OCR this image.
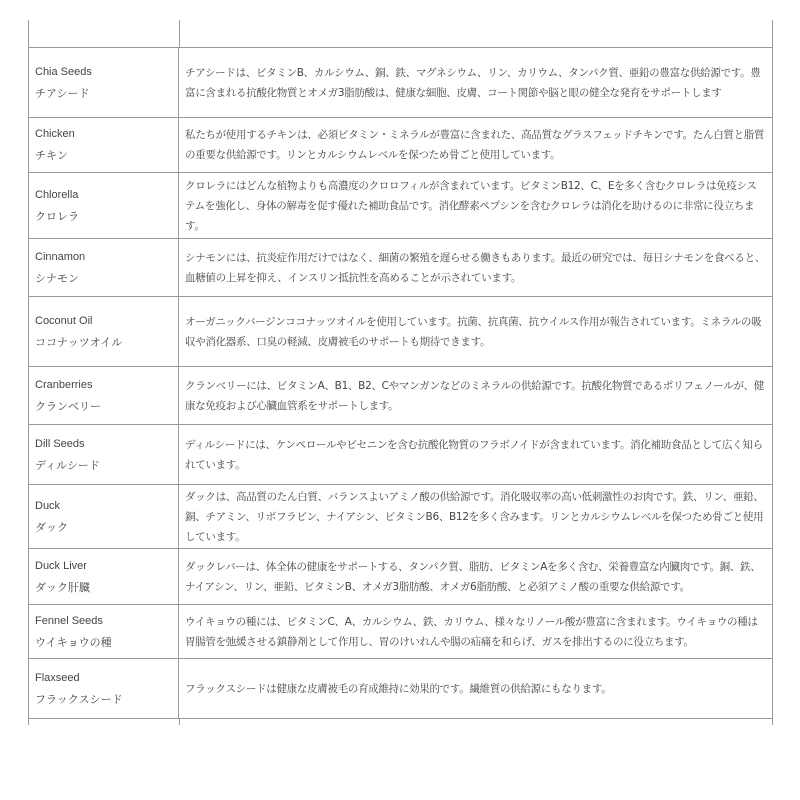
Chia Seeds
チアシード	チアシードは、ビタミンB、カルシウム、銅、鉄、マグネシウム、リン、カリウム、タンパク質、亜鉛の豊富な供給源です。豊富に含まれる抗酸化物質とオメガ3脂肪酸は、健康な細胞、皮膚、コート関節や脳と眼の健全な発育をサポートします

Chicken
チキン	私たちが使用するチキンは、必須ビタミン・ミネラルが豊富に含まれた、高品質なグラスフェッドチキンです。たん白質と脂質の重要な供給源です。リンとカルシウムレベルを保つため骨ごと使用しています。

Chlorella
クロレラ	クロレラにはどんな植物よりも高濃度のクロロフィルが含まれています。ビタミンB12、C、Eを多く含むクロレラは免疫システムを強化し、身体の解毒を促す優れた補助食品です。消化酵素ペプシンを含むクロレラは消化を助けるのに非常に役立ちます。

Cinnamon
シナモン	シナモンには、抗炎症作用だけではなく、細菌の繁殖を遅らせる働きもあります。最近の研究では、毎日シナモンを食べると、血糖値の上昇を抑え、インスリン抵抗性を高めることが示されています。

Coconut Oil
ココナッツオイル	オーガニックバージンココナッツオイルを使用しています。抗菌、抗真菌、抗ウイルス作用が報告されています。ミネラルの吸収や消化器系、口臭の軽減、皮膚被毛のサポートも期待できます。

Cranberries
クランベリー	クランベリーには、ビタミンA、B1、B2、Cやマンガンなどのミネラルの供給源です。抗酸化物質であるポリフェノールが、健康な免疫および心臓血管系をサポートします。

Dill Seeds
ディルシード	ディルシードには、ケンペロールやビセニンを含む抗酸化物質のフラボノイドが含まれています。消化補助食品として広く知られています。

Duck
ダック	ダックは、高品質のたん白質、バランスよいアミノ酸の供給源です。消化吸収率の高い低刺激性のお肉です。鉄、リン、亜鉛、銅、チアミン、リボフラビン、ナイアシン、ビタミンB6、B12を多く含みます。リンとカルシウムレベルを保つため骨ごと使用しています。

Duck Liver
ダック肝臓	ダックレバーは、体全体の健康をサポートする、タンパク質、脂肪、ビタミンAを多く含む、栄養豊富な内臓肉です。銅、鉄、ナイアシン、リン、亜鉛、ビタミンB、オメガ3脂肪酸、オメガ6脂肪酸、と必須アミノ酸の重要な供給源です。

Fennel Seeds
ウイキョウの種	ウイキョウの種には、ビタミンC、A、カルシウム、鉄、カリウム、様々なリノール酸が豊富に含まれます。ウイキョウの種は胃腸管を弛緩させる鎮静剤として作用し、胃のけいれんや腸の疝痛を和らげ、ガスを排出するのに役立ちます。

Flaxseed
フラックスシード	フラックスシードは健康な皮膚被毛の育成維持に効果的です。繊維質の供給源にもなります。
